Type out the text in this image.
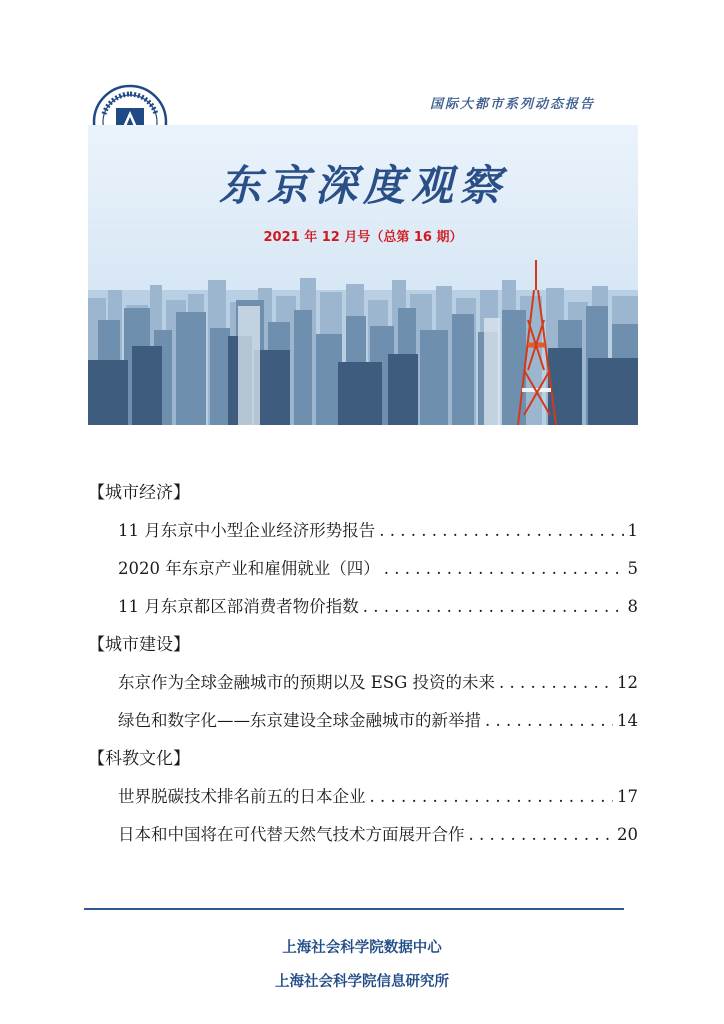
国际大都市系列动态报告
东京深度观察
2021 年 12 月号（总第 16 期）
【城市经济】
11 月东京中小型企业经济形势报告 . . .	1
2020 年东京产业和雇佣就业（四） . . .	5
11 月东京都区部消费者物价指数 . . .	8
【城市建设】
东京作为全球金融城市的预期以及 ESG 投资的未来 . . .	12
绿色和数字化——东京建设全球金融城市的新举措 . . .	14
【科教文化】
世界脱碳技术排名前五的日本企业 . . .	17
日本和中国将在可代替天然气技术方面展开合作 . . .	20
上海社会科学院数据中心
上海社会科学院信息研究所
